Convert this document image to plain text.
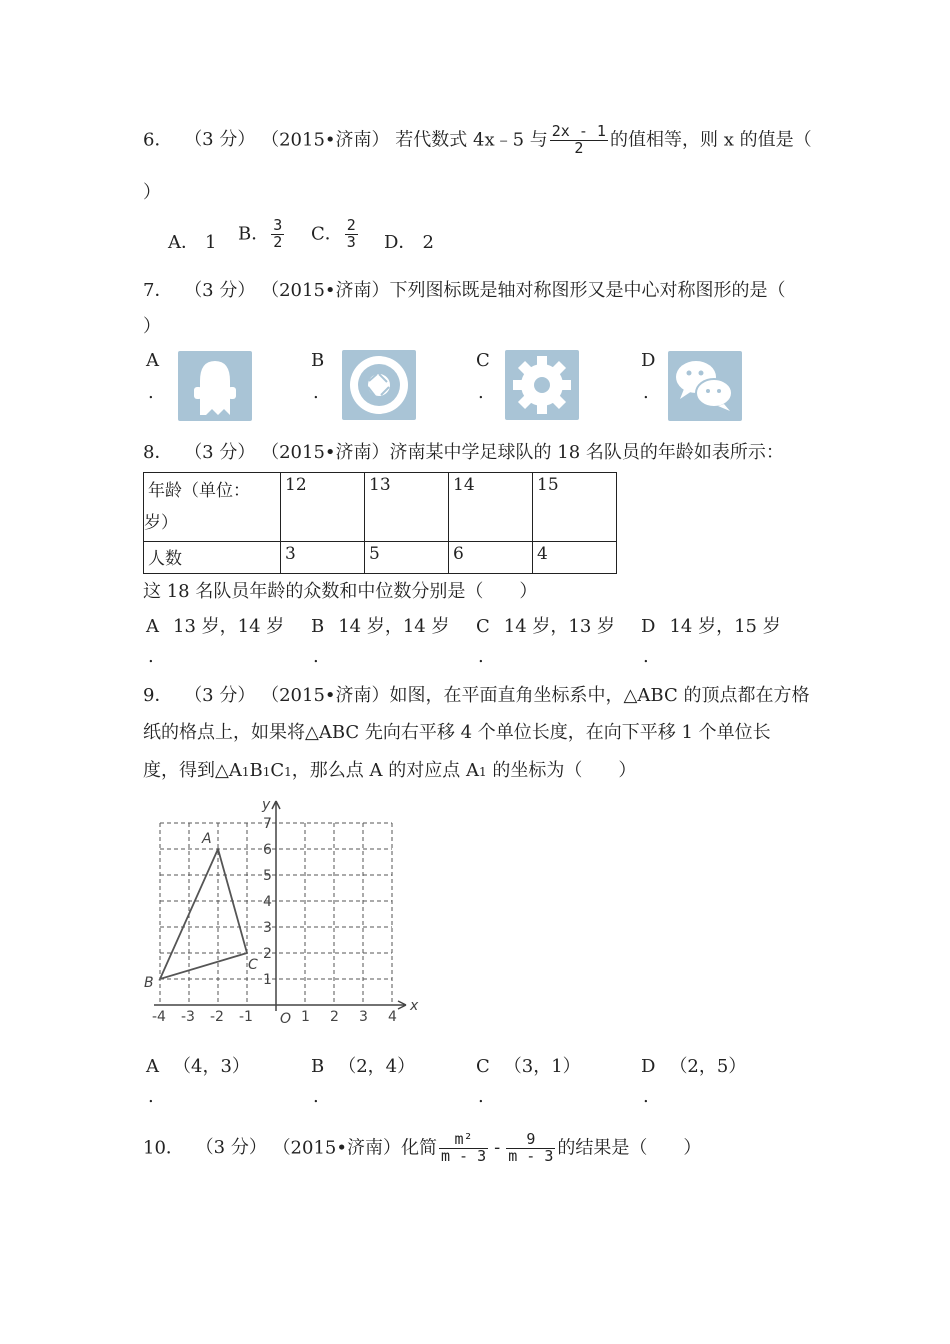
6． （3 分） （2015•济南） 若代数式 4x﹣5 与 $\frac{2x - 1}{2}$ 的值相等，则 x 的值是（
）
A． 1 B． $\frac{3}{2}$ C． $\frac{2}{3}$ D． 2
7． （3 分） （2015•济南）下列图标既是轴对称图形又是中心对称图形的是（
）
A
.
B
.
C
.
D
.
8． （3 分） （2015•济南）济南某中学足球队的 18 名队员的年龄如表所示：
年龄（单位：
岁）	12	13	14	15
人数	3	5	6	4
这 18 名队员年龄的众数和中位数分别是（　　）
A 13 岁，14 岁
.
B 14 岁，14 岁
.
C 14 岁，13 岁
.
D 14 岁，15 岁
.
9． （3 分） （2015•济南）如图，在平面直角坐标系中，△ABC 的顶点都在方格
纸的格点上，如果将△ABC 先向右平移 4 个单位长度，在向下平移 1 个单位长
度，得到△A1B1C1，那么点 A 的对应点 A1 的坐标为（　　）
x
y
O
-4 -3 -2 -1	1 2 3 4
1
2
3
4
5
6
7
A
B
C
A （4，3）
.
B （2，4）
.
C （3，1）
.
D （2，5）
.
10． （3 分） （2015•济南）化简 $\frac{\text{m²}}{m - 3} - \frac{9}{m - 3}$ 的结果是（　　）
